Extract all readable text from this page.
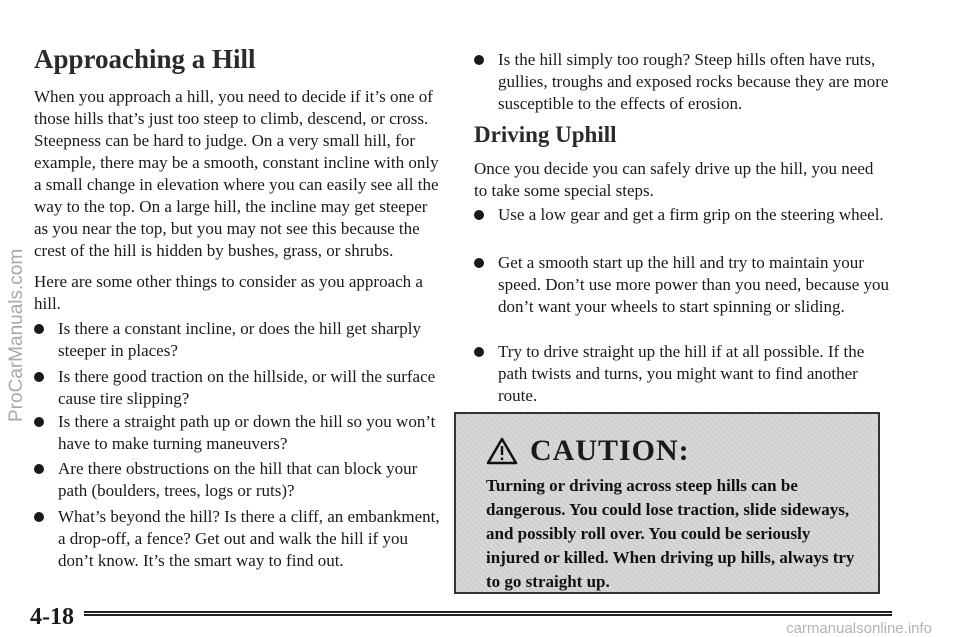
Approaching a Hill

When you approach a hill, you need to decide if it’s one of those hills that’s just too steep to climb, descend, or cross. Steepness can be hard to judge. On a very small hill, for example, there may be a smooth, constant incline with only a small change in elevation where you can easily see all the way to the top. On a large hill, the incline may get steeper as you near the top, but you may not see this because the crest of the hill is hidden by bushes, grass, or shrubs.

Here are some other things to consider as you approach a hill.

Is there a constant incline, or does the hill get sharply steeper in places?
Is there good traction on the hillside, or will the surface cause tire slipping?
Is there a straight path up or down the hill so you won’t have to make turning maneuvers?
Are there obstructions on the hill that can block your path (boulders, trees, logs or ruts)?
What’s beyond the hill? Is there a cliff, an embankment, a drop-off, a fence? Get out and walk the hill if you don’t know. It’s the smart way to find out.
Is the hill simply too rough? Steep hills often have ruts, gullies, troughs and exposed rocks because they are more susceptible to the effects of erosion.
Driving Uphill

Once you decide you can safely drive up the hill, you need to take some special steps.

Use a low gear and get a firm grip on the steering wheel.
Get a smooth start up the hill and try to maintain your speed. Don’t use more power than you need, because you don’t want your wheels to start spinning or sliding.
Try to drive straight up the hill if at all possible. If the path twists and turns, you might want to find another route.
CAUTION:
Turning or driving across steep hills can be dangerous. You could lose traction, slide sideways, and possibly roll over. You could be seriously injured or killed. When driving up hills, always try to go straight up.
4-18
ProCarManuals.com
carmanualsonline.info
